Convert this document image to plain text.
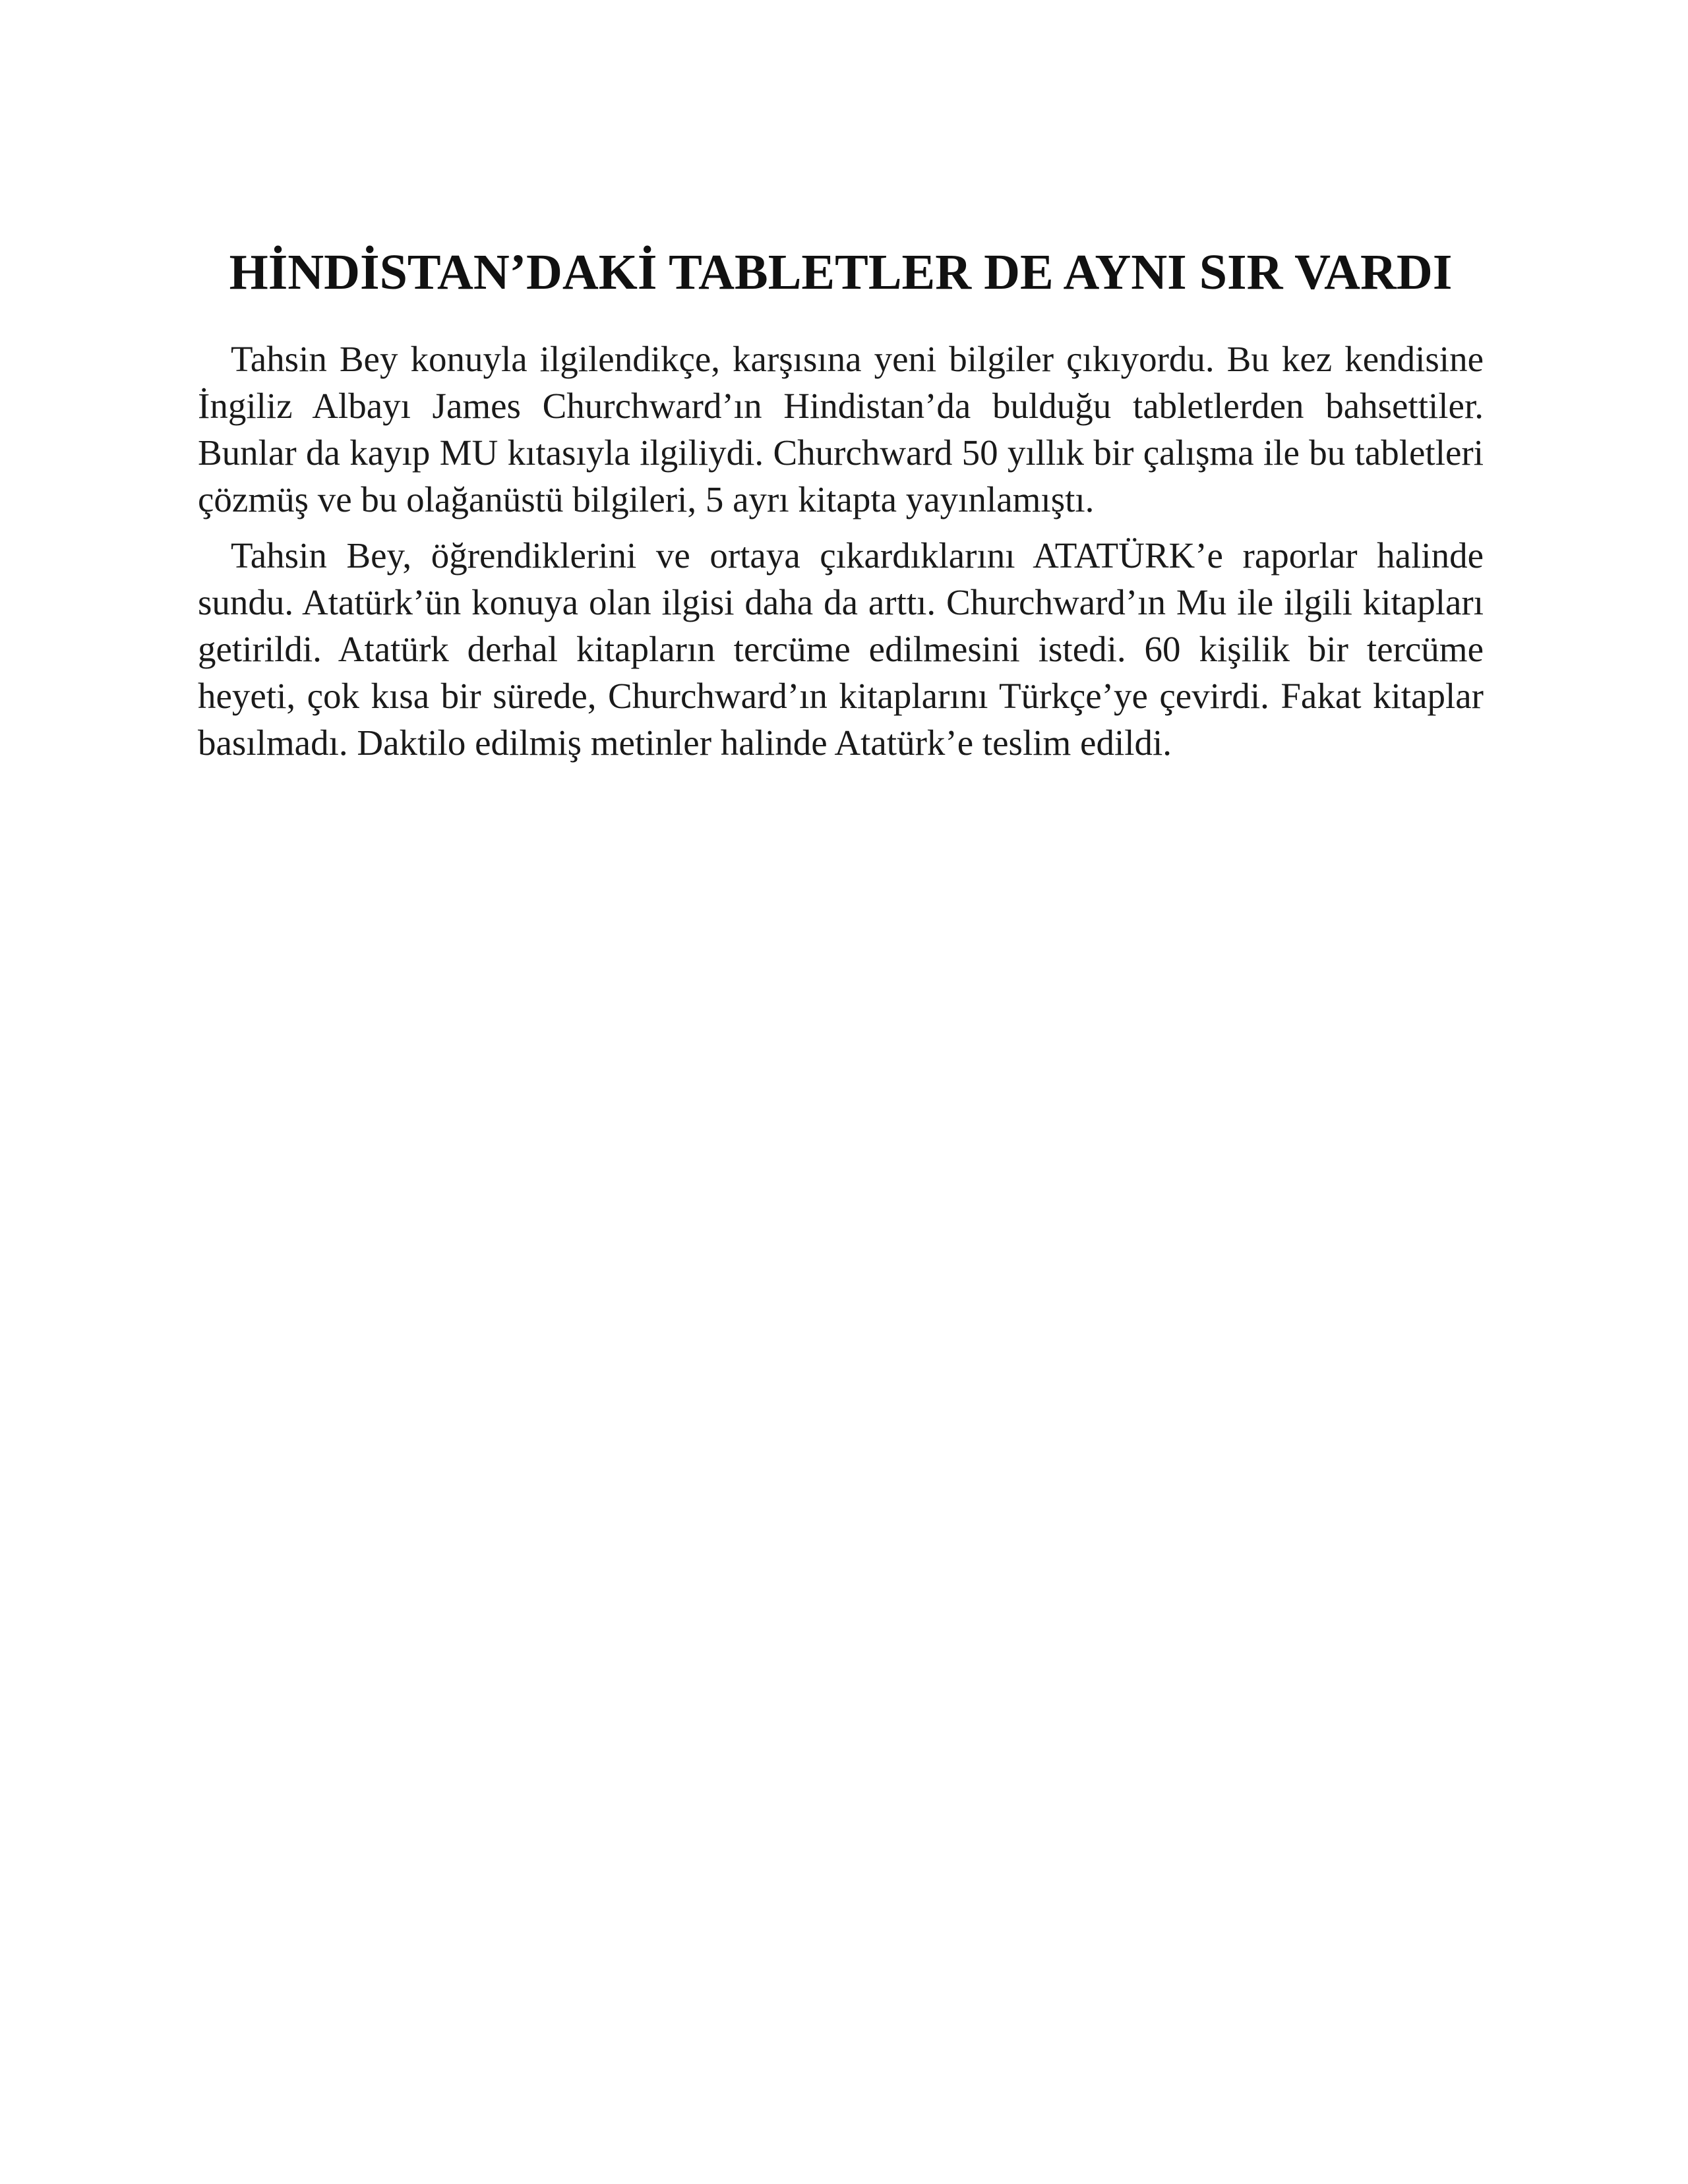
HİNDİSTAN’DAKİ TABLETLER DE AYNI SIR VARDI

Tahsin Bey konuyla ilgilendikçe, karşısına yeni bilgiler çıkıyordu. Bu kez kendisine İngiliz Albayı James Churchward’ın Hindistan’da bulduğu tabletlerden bahsettiler. Bunlar da kayıp MU kıtasıyla ilgiliydi. Churchward 50 yıllık bir çalışma ile bu tabletleri çözmüş ve bu olağanüstü bilgileri, 5 ayrı kitapta yayınlamıştı.

Tahsin Bey, öğrendiklerini ve ortaya çıkardıklarını ATATÜRK’e raporlar halinde sundu. Atatürk’ün konuya olan ilgisi daha da arttı. Churchward’ın Mu ile ilgili kitapları getirildi. Atatürk derhal kitapların tercüme edilmesini istedi. 60 kişilik bir tercüme heyeti, çok kısa bir sürede, Churchward’ın kitaplarını Türkçe’ye çevirdi. Fakat kitaplar basılmadı. Daktilo edilmiş metinler halinde Atatürk’e teslim edildi.
